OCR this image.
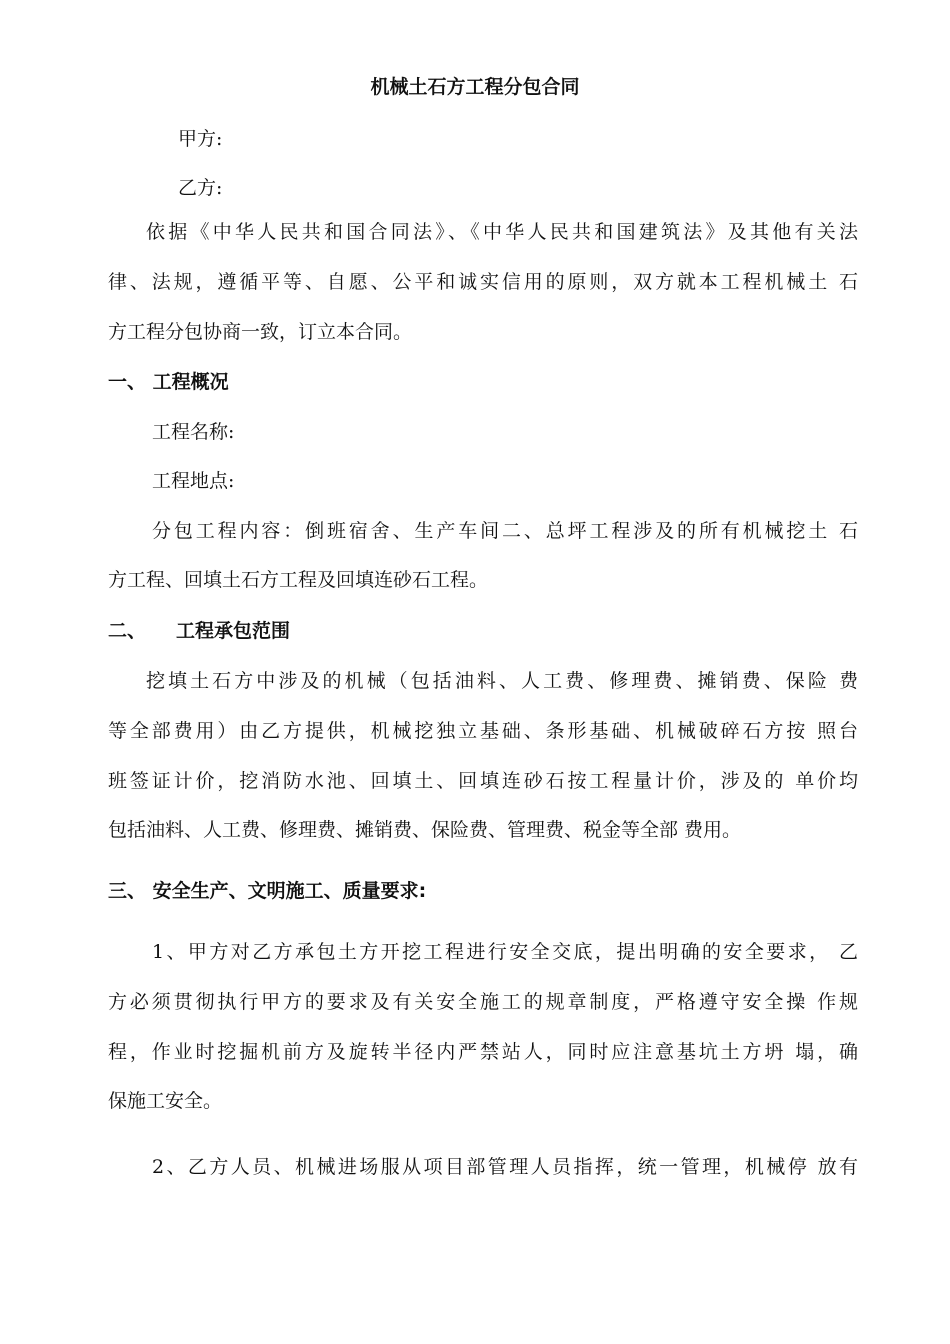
机械土石方工程分包合同
甲方:
乙方:
依据《中华人民共和国合同法》、《中华人民共和国建筑法》及其他有关法
律、法规，遵循平等、自愿、公平和诚实信用的原则，双方就本工程机械土 石
方工程分包协商一致，订立本合同。
一、 工程概况
工程名称:
工程地点:
分包工程内容：倒班宿舍、生产车间二、总坪工程涉及的所有机械挖土 石
方工程、回填土石方工程及回填连砂石工程。
二、 工程承包范围
挖填土石方中涉及的机械（包括油料、人工费、修理费、摊销费、保险 费
等全部费用）由乙方提供，机械挖独立基础、条形基础、机械破碎石方按 照台
班签证计价，挖消防水池、回填土、回填连砂石按工程量计价，涉及的 单价均
包括油料、人工费、修理费、摊销费、保险费、管理费、税金等全部 费用。
三、 安全生产、文明施工、质量要求:
1、甲方对乙方承包土方开挖工程进行安全交底，提出明确的安全要求， 乙
方必须贯彻执行甲方的要求及有关安全施工的规章制度，严格遵守安全操 作规
程，作业时挖掘机前方及旋转半径内严禁站人，同时应注意基坑土方坍 塌，确
保施工安全。
2、乙方人员、机械进场服从项目部管理人员指挥，统一管理，机械停 放有
